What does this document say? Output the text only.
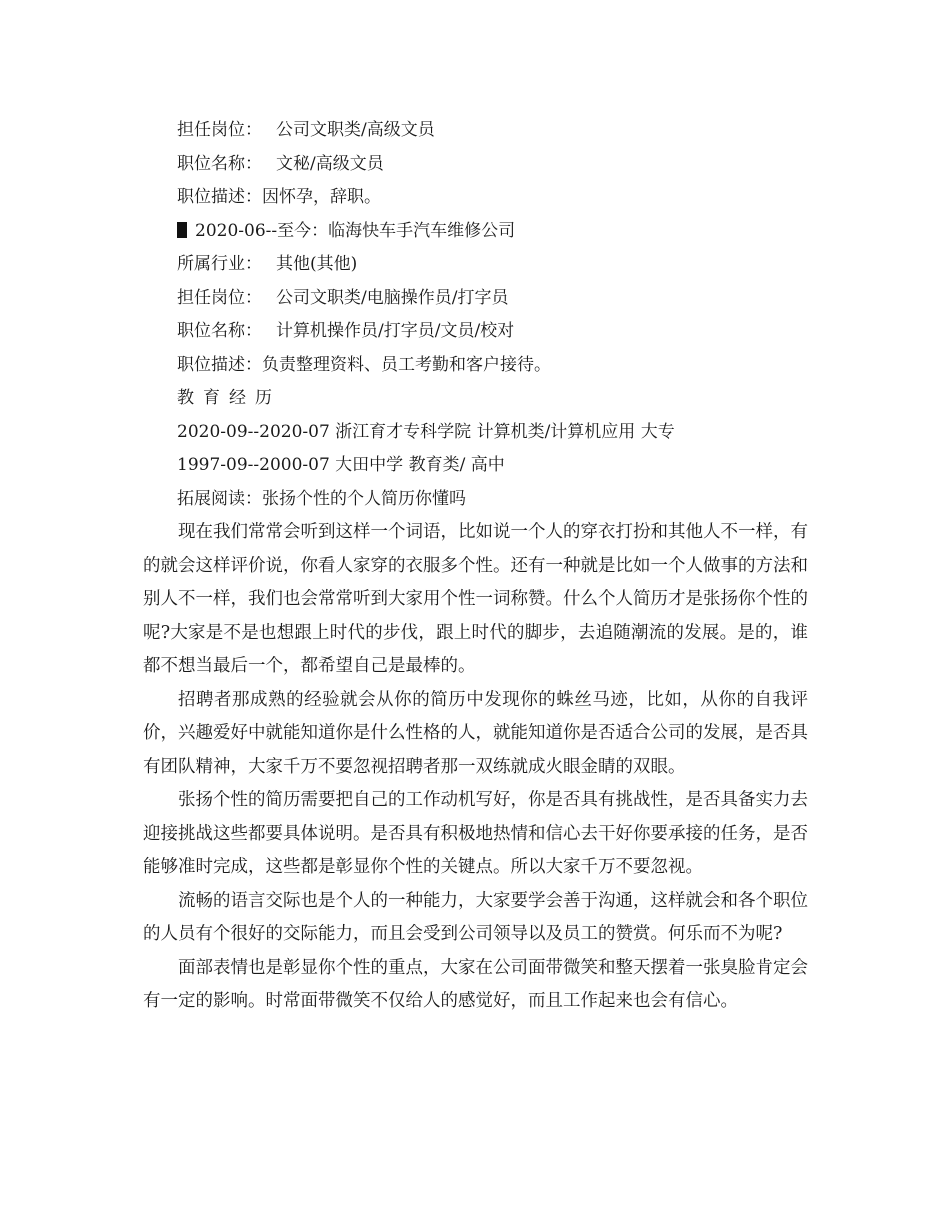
担任岗位： 公司文职类/高级文员
职位名称： 文秘/高级文员
职位描述：因怀孕，辞职。
2020-06--至今：临海快车手汽车维修公司
所属行业： 其他(其他)
担任岗位： 公司文职类/电脑操作员/打字员
职位名称： 计算机操作员/打字员/文员/校对
职位描述：负责整理资料、员工考勤和客户接待。
教育经历
2020-09--2020-07 浙江育才专科学院 计算机类/计算机应用 大专
1997-09--2000-07 大田中学 教育类/ 高中
拓展阅读：张扬个性的个人简历你懂吗

现在我们常常会听到这样一个词语，比如说一个人的穿衣打扮和其他人不一样，有的就会这样评价说，你看人家穿的衣服多个性。还有一种就是比如一个人做事的方法和别人不一样，我们也会常常听到大家用个性一词称赞。什么个人简历才是张扬你个性的呢?大家是不是也想跟上时代的步伐，跟上时代的脚步，去追随潮流的发展。是的，谁都不想当最后一个，都希望自己是最棒的。

招聘者那成熟的经验就会从你的简历中发现你的蛛丝马迹，比如，从你的自我评价，兴趣爱好中就能知道你是什么性格的人，就能知道你是否适合公司的发展，是否具有团队精神，大家千万不要忽视招聘者那一双练就成火眼金睛的双眼。

张扬个性的简历需要把自己的工作动机写好，你是否具有挑战性，是否具备实力去迎接挑战这些都要具体说明。是否具有积极地热情和信心去干好你要承接的任务，是否能够准时完成，这些都是彰显你个性的关键点。所以大家千万不要忽视。

流畅的语言交际也是个人的一种能力，大家要学会善于沟通，这样就会和各个职位的人员有个很好的交际能力，而且会受到公司领导以及员工的赞赏。何乐而不为呢?

面部表情也是彰显你个性的重点，大家在公司面带微笑和整天摆着一张臭脸肯定会有一定的影响。时常面带微笑不仅给人的感觉好，而且工作起来也会有信心。
